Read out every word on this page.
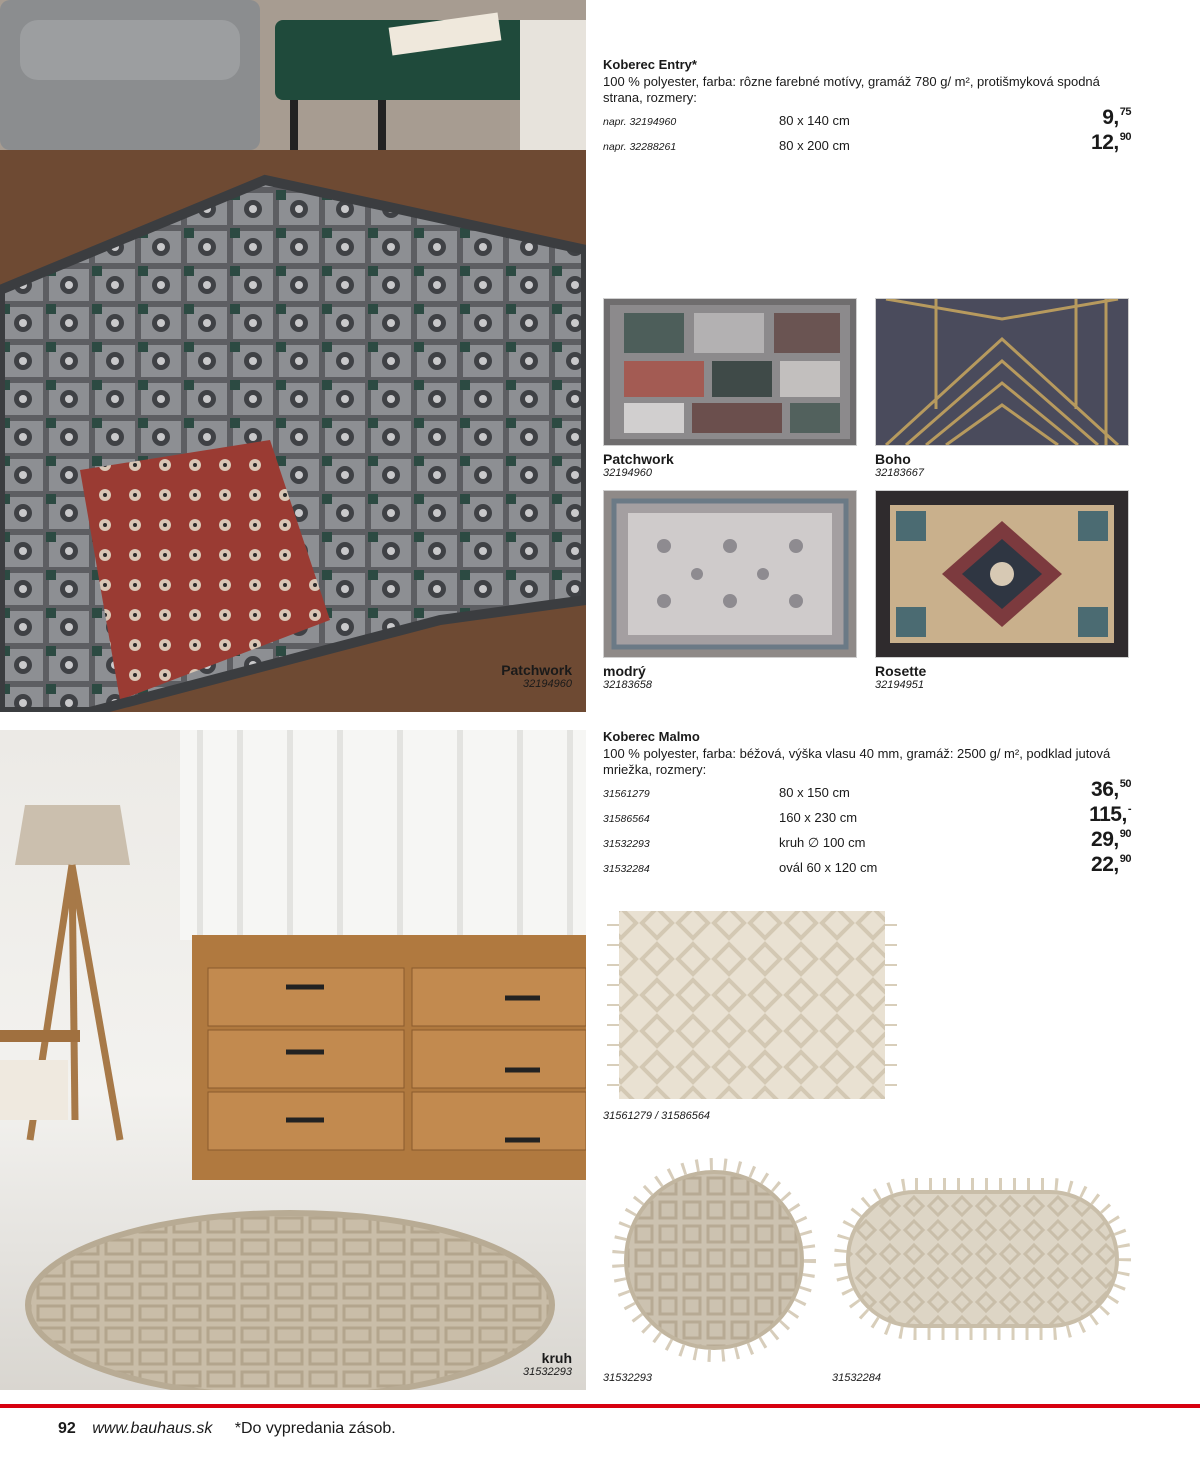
Patchwork
32194960
kruh
31532293
Koberec Entry*
100 % polyester, farba: rôzne farebné motívy, gramáž 780 g/ m², protišmyková spodná strana, rozmery:
napr. 32194960	80 x 140 cm	9,75
napr. 32288261	80 x 200 cm	12,90
Patchwork
32194960
Boho
32183667
modrý
32183658
Rosette
32194951
Koberec Malmo
100 % polyester, farba: béžová, výška vlasu 40 mm, gramáž: 2500 g/ m², podklad jutová mriežka, rozmery:
31561279	80 x 150 cm	36,50
31586564	160 x 230 cm	115,-
31532293	kruh ∅ 100 cm	29,90
31532284	ovál 60 x 120 cm	22,90
31561279 / 31586564
31532293	31532284
92 www.bauhaus.sk *Do vypredania zásob.
